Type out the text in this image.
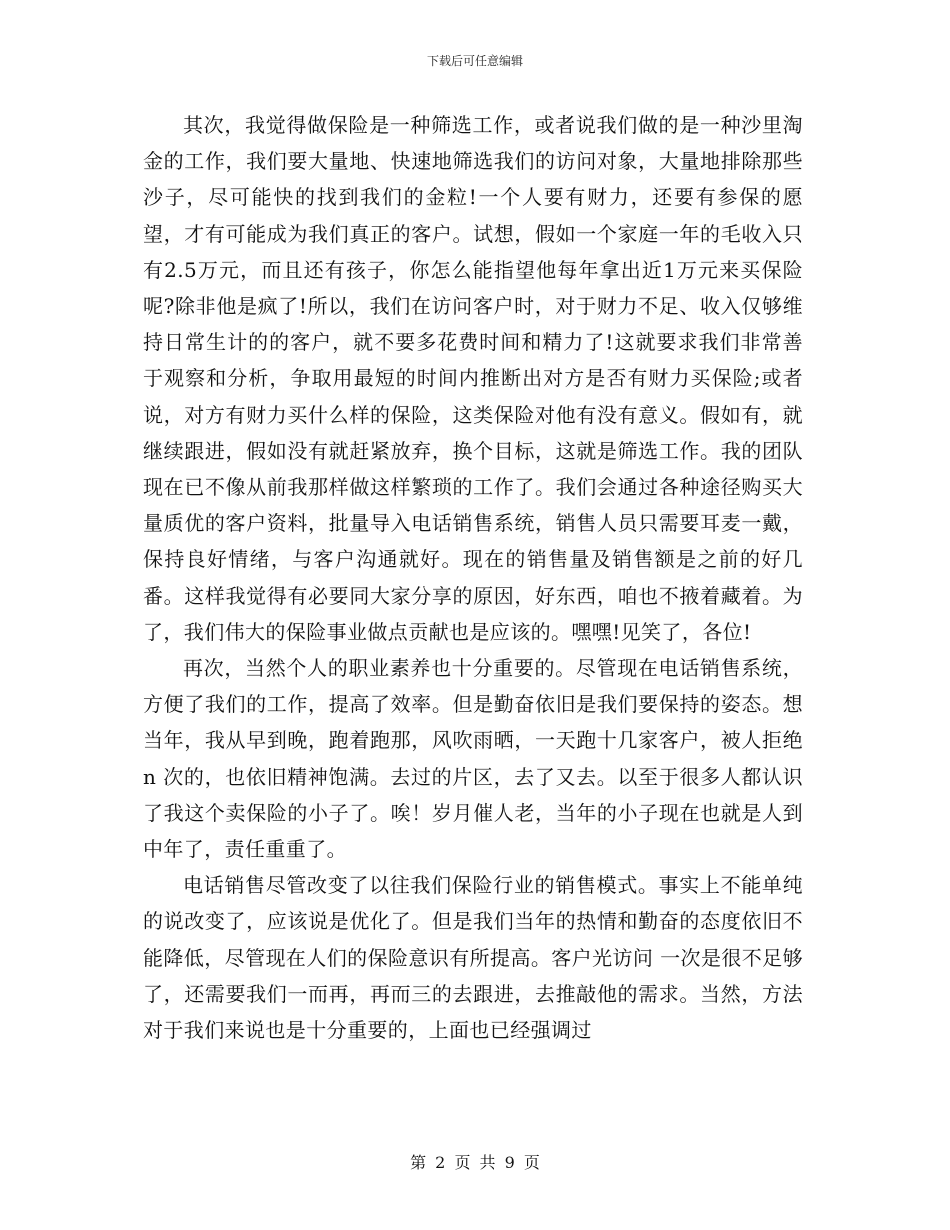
下载后可任意编辑

其次，我觉得做保险是一种筛选工作，或者说我们做的是一种沙里淘金的工作，我们要大量地、快速地筛选我们的访问对象，大量地排除那些沙子，尽可能快的找到我们的金粒!一个人要有财力，还要有参保的愿望，才有可能成为我们真正的客户。试想，假如一个家庭一年的毛收入只有2.5万元，而且还有孩子，你怎么能指望他每年拿出近1万元来买保险呢?除非他是疯了!所以，我们在访问客户时，对于财力不足、收入仅够维持日常生计的的客户，就不要多花费时间和精力了!这就要求我们非常善于观察和分析，争取用最短的时间内推断出对方是否有财力买保险;或者说，对方有财力买什么样的保险，这类保险对他有没有意义。假如有，就继续跟进，假如没有就赶紧放弃，换个目标，这就是筛选工作。我的团队现在已不像从前我那样做这样繁琐的工作了。我们会通过各种途径购买大量质优的客户资料，批量导入电话销售系统，销售人员只需要耳麦一戴，保持良好情绪，与客户沟通就好。现在的销售量及销售额是之前的好几番。这样我觉得有必要同大家分享的原因，好东西，咱也不掖着藏着。为了，我们伟大的保险事业做点贡献也是应该的。嘿嘿!见笑了，各位!

再次，当然个人的职业素养也十分重要的。尽管现在电话销售系统，方便了我们的工作，提高了效率。但是勤奋依旧是我们要保持的姿态。想当年，我从早到晚，跑着跑那，风吹雨晒，一天跑十几家客户，被人拒绝n 次的，也依旧精神饱满。去过的片区，去了又去。以至于很多人都认识了我这个卖保险的小子了。唉！岁月催人老，当年的小子现在也就是人到中年了，责任重重了。

电话销售尽管改变了以往我们保险行业的销售模式。事实上不能单纯的说改变了，应该说是优化了。但是我们当年的热情和勤奋的态度依旧不能降低，尽管现在人们的保险意识有所提高。客户光访问 一次是很不足够了，还需要我们一而再，再而三的去跟进，去推敲他的需求。当然，方法对于我们来说也是十分重要的，上面也已经强调过

第 2 页 共 9 页
